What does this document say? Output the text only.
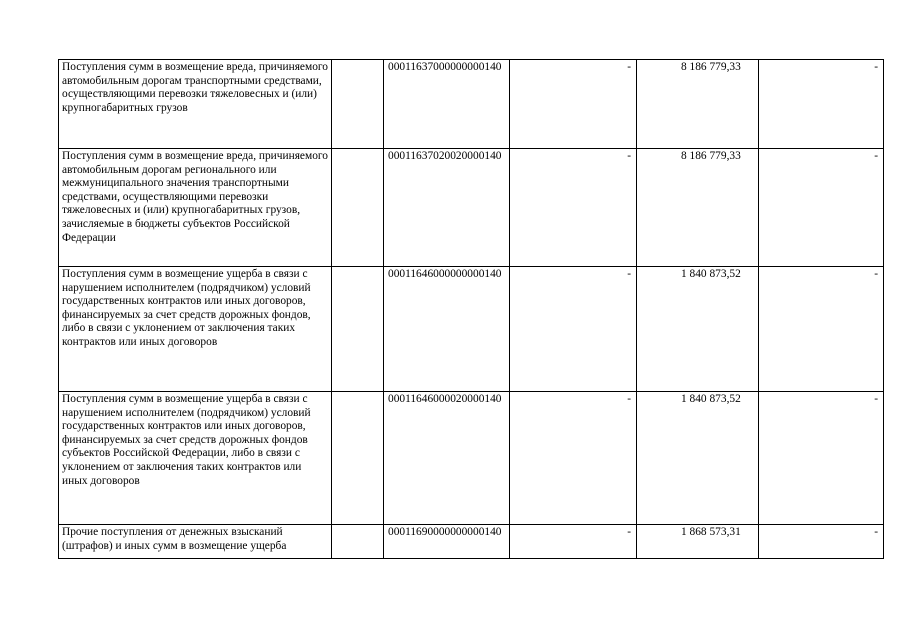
Поступления сумм в возмещение вреда, причиняемого автомобильным дорогам транспортными средствами, осуществляющими перевозки тяжеловесных и (или) крупногабаритных грузов		00011637000000000140	-	8 186 779,33	-
Поступления сумм в возмещение вреда, причиняемого автомобильным дорогам регионального или межмуниципального значения транспортными средствами, осуществляющими перевозки тяжеловесных и (или) крупногабаритных грузов, зачисляемые в бюджеты субъектов Российской Федерации		00011637020020000140	-	8 186 779,33	-
Поступления сумм в возмещение ущерба в связи с нарушением исполнителем (подрядчиком) условий государственных контрактов или иных договоров, финансируемых за счет средств дорожных фондов, либо в связи с уклонением от заключения таких контрактов или иных договоров		00011646000000000140	-	1 840 873,52	-
Поступления сумм в возмещение ущерба в связи с нарушением исполнителем (подрядчиком) условий государственных контрактов или иных договоров, финансируемых за счет средств дорожных фондов субъектов Российской Федерации, либо в связи с уклонением от заключения таких контрактов или иных договоров		00011646000020000140	-	1 840 873,52	-
Прочие поступления от денежных взысканий (штрафов) и иных сумм в возмещение ущерба		00011690000000000140	-	1 868 573,31	-
